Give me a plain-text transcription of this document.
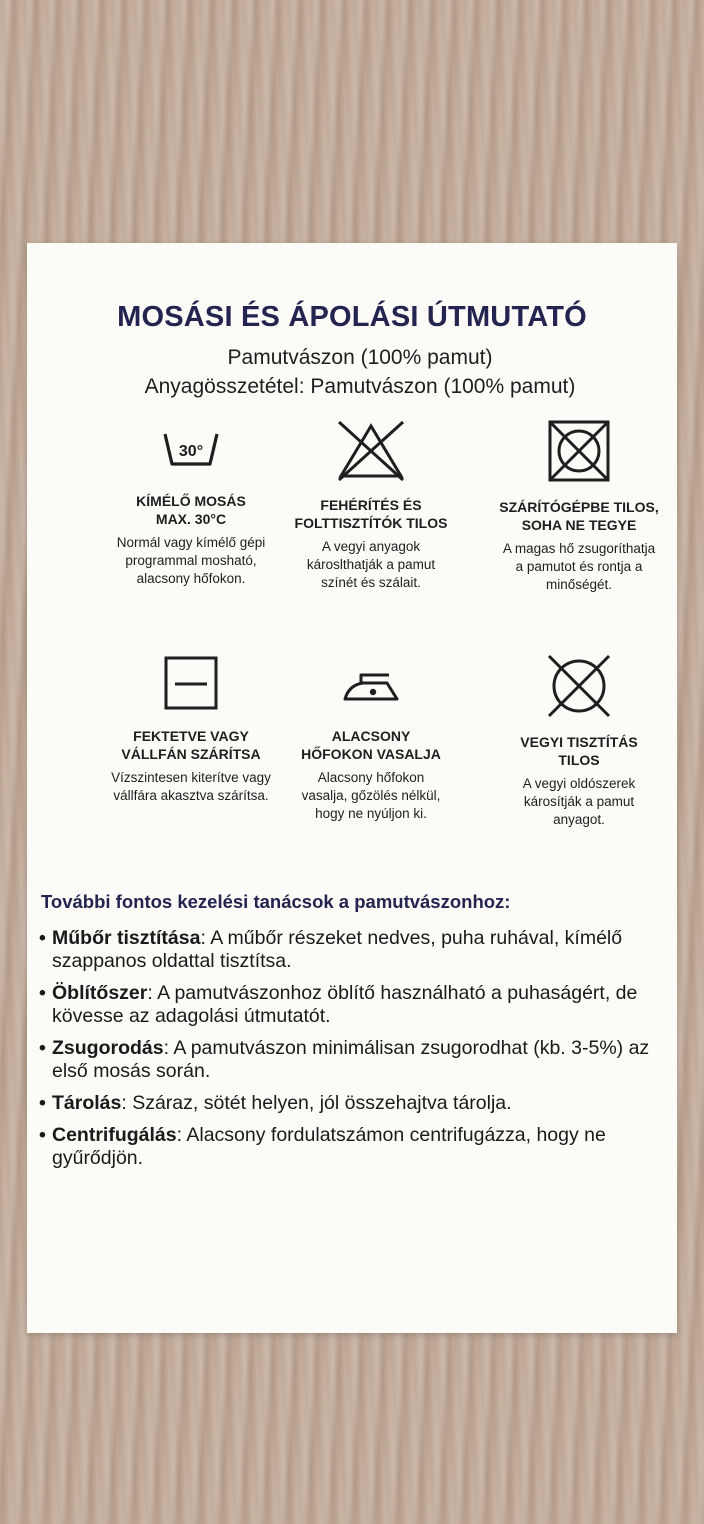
MOSÁSI ÉS ÁPOLÁSI ÚTMUTATÓ
Pamutvászon (100% pamut)
Anyagösszetétel: Pamutvászon (100% pamut)
30°
KÍMÉLŐ MOSÁS
MAX. 30°C
Normál vagy kímélő gépi
programmal mosható,
alacsony hőfokon.
FEHÉRÍTÉS ÉS
FOLTTISZTÍTÓK TILOS
A vegyi anyagok
károslthatják a pamut
színét és szálait.
SZÁRÍTÓGÉPBE TILOS,
SOHA NE TEGYE
A magas hő zsugoríthatja
a pamutot és rontja a
minőségét.
FEKTETVE VAGY
VÁLLFÁN SZÁRÍTSA
Vízszintesen kiterítve vagy
vállfára akasztva szárítsa.
ALACSONY
HŐFOKON VASALJA
Alacsony hőfokon
vasalja, gőzölés nélkül,
hogy ne nyúljon ki.
VEGYI TISZTÍTÁS
TILOS
A vegyi oldószerek
károsítják a pamut
anyagot.
További fontos kezelési tanácsok a pamutvászonhoz:
• Műbőr tisztítása: A műbőr részeket nedves, puha ruhával, kímélő szappanos oldattal tisztítsa.
• Öblítőszer: A pamutvászonhoz öblítő használható a puhaságért, de kövesse az adagolási útmutatót.
• Zsugorodás: A pamutvászon minimálisan zsugorodhat (kb. 3-5%) az első mosás során.
• Tárolás: Száraz, sötét helyen, jól összehajtva tárolja.
• Centrifugálás: Alacsony fordulatszámon centrifugázza, hogy ne gyűrődjön.
